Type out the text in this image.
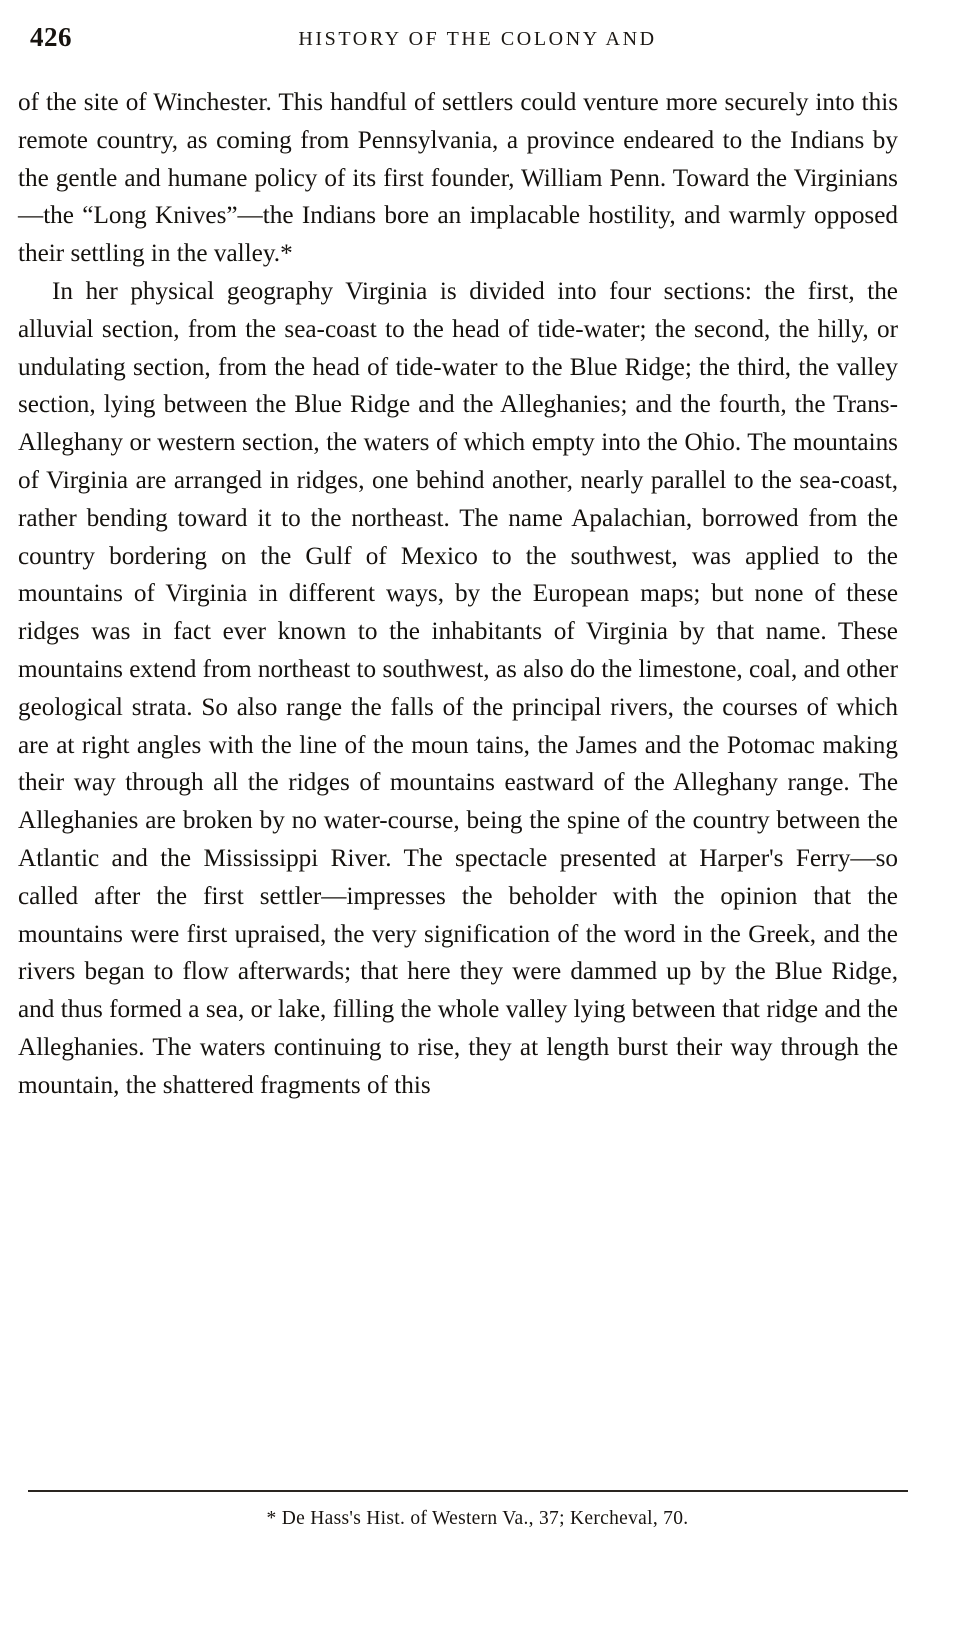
426	HISTORY OF THE COLONY AND

of the site of Winchester. This handful of settlers could venture more securely into this remote country, as coming from Pennsylvania, a province endeared to the Indians by the gentle and humane policy of its first founder, William Penn. Toward the Virginians—the “Long Knives”—the Indians bore an implacable hostility, and warmly opposed their settling in the valley.*

In her physical geography Virginia is divided into four sections: the first, the alluvial section, from the sea-coast to the head of tide-water; the second, the hilly, or undulating section, from the head of tide-water to the Blue Ridge; the third, the valley section, lying between the Blue Ridge and the Alleghanies; and the fourth, the Trans-Alleghany or western section, the waters of which empty into the Ohio. The mountains of Virginia are arranged in ridges, one behind another, nearly parallel to the sea-coast, rather bending toward it to the northeast. The name Apalachian, borrowed from the country bordering on the Gulf of Mexico to the southwest, was applied to the mountains of Virginia in different ways, by the European maps; but none of these ridges was in fact ever known to the inhabitants of Virginia by that name. These mountains extend from northeast to southwest, as also do the limestone, coal, and other geological strata. So also range the falls of the principal rivers, the courses of which are at right angles with the line of the moun tains, the James and the Potomac making their way through all the ridges of mountains eastward of the Alleghany range. The Alleghanies are broken by no water-course, being the spine of the country between the Atlantic and the Mississippi River. The spectacle presented at Harper's Ferry—so called after the first settler—impresses the beholder with the opinion that the mountains were first upraised, the very signification of the word in the Greek, and the rivers began to flow afterwards; that here they were dammed up by the Blue Ridge, and thus formed a sea, or lake, filling the whole valley lying between that ridge and the Alleghanies. The waters continuing to rise, they at length burst their way through the mountain, the shattered fragments of this

* De Hass's Hist. of Western Va., 37; Kercheval, 70.
